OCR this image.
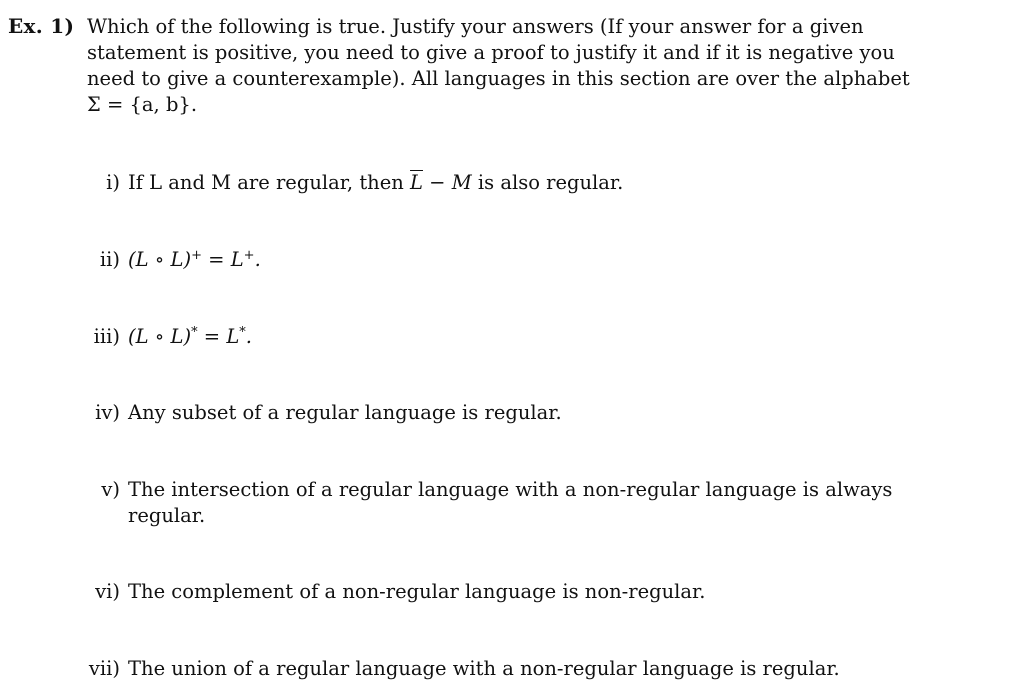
Ex. 1) Which of the following is true. Justify your answers (If your answer for a given
statement is positive, you need to give a proof to justify it and if it is negative you
need to give a counterexample). All languages in this section are over the alphabet
Σ = {a, b}.
i) If L and M are regular, then $\overline{L} - M$ is also regular.
ii) (L ∘ L)+ = L+.
iii) (L ∘ L)* = L*.
iv) Any subset of a regular language is regular.
v) The intersection of a regular language with a non-regular language is always
regular.
vi) The complement of a non-regular language is non-regular.
vii) The union of a regular language with a non-regular language is regular.
